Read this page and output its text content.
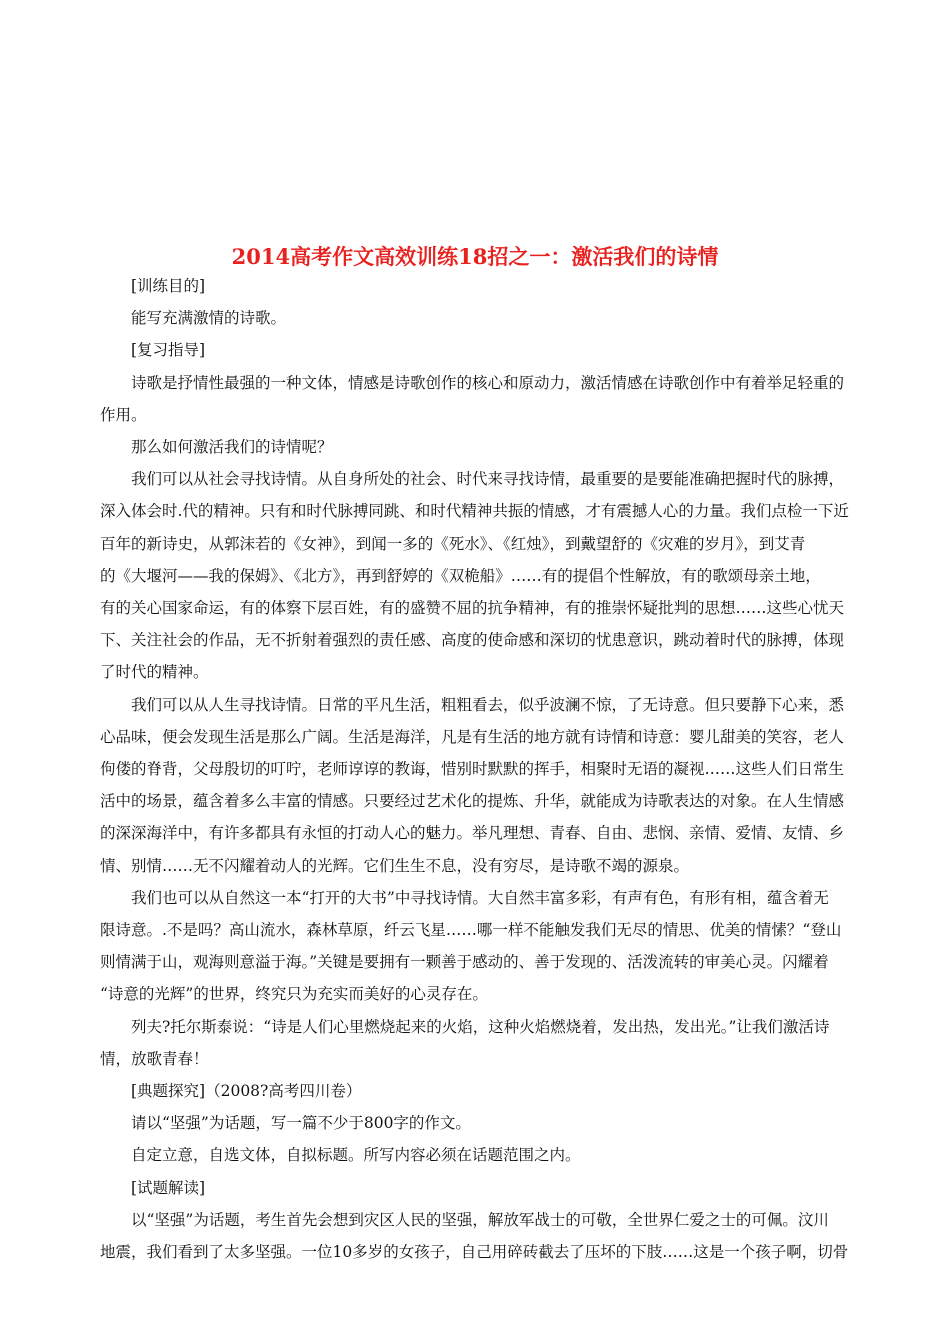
2014高考作文高效训练18招之一：激活我们的诗情

[训练目的]

能写充满激情的诗歌。

[复习指导]

诗歌是抒情性最强的一种文体，情感是诗歌创作的核心和原动力，激活情感在诗歌创作中有着举足轻重的
作用。

那么如何激活我们的诗情呢？

我们可以从社会寻找诗情。从自身所处的社会、时代来寻找诗情，最重要的是要能准确把握时代的脉搏，
深入体会时.代的精神。只有和时代脉搏同跳、和时代精神共振的情感，才有震撼人心的力量。我们点检一下近
百年的新诗史，从郭沫若的《女神》，到闻一多的《死水》、《红烛》，到戴望舒的《灾难的岁月》，到艾青
的《大堰河——我的保姆》、《北方》，再到舒婷的《双桅船》……有的提倡个性解放，有的歌颂母亲土地，
有的关心国家命运，有的体察下层百姓，有的盛赞不屈的抗争精神，有的推崇怀疑批判的思想……这些心忧天
下、关注社会的作品，无不折射着强烈的责任感、高度的使命感和深切的忧患意识，跳动着时代的脉搏，体现
了时代的精神。

我们可以从人生寻找诗情。日常的平凡生活，粗粗看去，似乎波澜不惊，了无诗意。但只要静下心来，悉
心品味，便会发现生活是那么广阔。生活是海洋，凡是有生活的地方就有诗情和诗意：婴儿甜美的笑容，老人
佝偻的脊背，父母殷切的叮咛，老师谆谆的教诲，惜别时默默的挥手，相聚时无语的凝视……这些人们日常生
活中的场景，蕴含着多么丰富的情感。只要经过艺术化的提炼、升华，就能成为诗歌表达的对象。在人生情感
的深深海洋中，有许多都具有永恒的打动人心的魅力。举凡理想、青春、自由、悲悯、亲情、爱情、友情、乡
情、别情……无不闪耀着动人的光辉。它们生生不息，没有穷尽，是诗歌不竭的源泉。

我们也可以从自然这一本“打开的大书”中寻找诗情。大自然丰富多彩，有声有色，有形有相，蕴含着无
限诗意。.不是吗？高山流水，森林草原，纤云飞星……哪一样不能触发我们无尽的情思、优美的情愫？“登山
则情满于山，观海则意溢于海。”关键是要拥有一颗善于感动的、善于发现的、活泼流转的审美心灵。闪耀着
“诗意的光辉”的世界，终究只为充实而美好的心灵存在。

列夫?托尔斯泰说：“诗是人们心里燃烧起来的火焰，这种火焰燃烧着，发出热，发出光。”让我们激活诗
情，放歌青春！

[典题探究]（2008?高考四川卷）

请以“坚强”为话题，写一篇不少于800字的作文。

自定立意，自选文体，自拟标题。所写内容必须在话题范围之内。

[试题解读]

以“坚强”为话题，考生首先会想到灾区人民的坚强，解放军战士的可敬，全世界仁爱之士的可佩。汶川
地震，我们看到了太多坚强。一位10多岁的女孩子，自己用碎砖截去了压坏的下肢……这是一个孩子啊，切骨
